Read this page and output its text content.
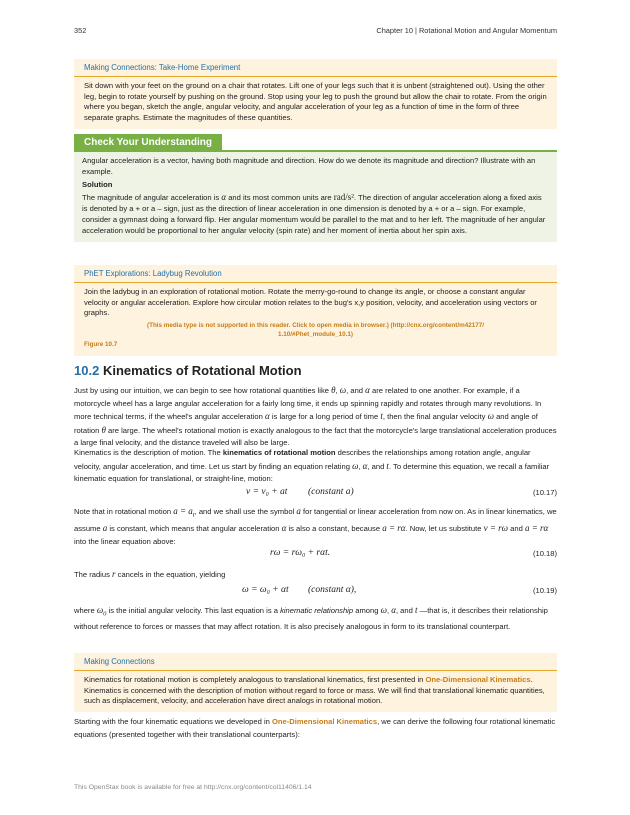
352	Chapter 10 | Rotational Motion and Angular Momentum
Making Connections: Take-Home Experiment

Sit down with your feet on the ground on a chair that rotates. Lift one of your legs such that it is unbent (straightened out). Using the other leg, begin to rotate yourself by pushing on the ground. Stop using your leg to push the ground but allow the chair to rotate. From the origin where you began, sketch the angle, angular velocity, and angular acceleration of your leg as a function of time in the form of three separate graphs. Estimate the magnitudes of these quantities.

Check Your Understanding

Angular acceleration is a vector, having both magnitude and direction. How do we denote its magnitude and direction? Illustrate with an example.

Solution

The magnitude of angular acceleration is α and its most common units are rad/s². The direction of angular acceleration along a fixed axis is denoted by a + or a – sign, just as the direction of linear acceleration in one dimension is denoted by a + or a – sign. For example, consider a gymnast doing a forward flip. Her angular momentum would be parallel to the mat and to her left. The magnitude of her angular acceleration would be proportional to her angular velocity (spin rate) and her moment of inertia about her spin axis.

PhET Explorations: Ladybug Revolution

Join the ladybug in an exploration of rotational motion. Rotate the merry-go-round to change its angle, or choose a constant angular velocity or angular acceleration. Explore how circular motion relates to the bug's x,y position, velocity, and acceleration using vectors or graphs.

(This media type is not supported in this reader. Click to open media in browser.) (http://cnx.org/content/m42177/
1.10/#Phet_module_10.1)
Figure 10.7
10.2 Kinematics of Rotational Motion

Just by using our intuition, we can begin to see how rotational quantities like θ, ω, and α are related to one another. For example, if a motorcycle wheel has a large angular acceleration for a fairly long time, it ends up spinning rapidly and rotates through many revolutions. In more technical terms, if the wheel's angular acceleration α is large for a long period of time t, then the final angular velocity ω and angle of rotation θ are large. The wheel's rotational motion is exactly analogous to the fact that the motorcycle's large translational acceleration produces a large final velocity, and the distance traveled will also be large.

Kinematics is the description of motion. The kinematics of rotational motion describes the relationships among rotation angle, angular velocity, angular acceleration, and time. Let us start by finding an equation relating ω, α, and t. To determine this equation, we recall a familiar kinematic equation for translational, or straight-line, motion:

v = v₀ + at (constant a)	(10.17)

Note that in rotational motion $a = a_t$, and we shall use the symbol a for tangential or linear acceleration from now on. As in linear kinematics, we assume a is constant, which means that angular acceleration α is also a constant, because a = rα. Now, let us substitute v = rω and a = rα into the linear equation above:

rω = rω₀ + rαt.	(10.18)

The radius r cancels in the equation, yielding

ω = ω₀ + αt (constant α),	(10.19)

where $\omega_0$ is the initial angular velocity. This last equation is a kinematic relationship among ω, α, and t —that is, it describes their relationship without reference to forces or masses that may affect rotation. It is also precisely analogous in form to its translational counterpart.

Making Connections

Kinematics for rotational motion is completely analogous to translational kinematics, first presented in One-Dimensional Kinematics. Kinematics is concerned with the description of motion without regard to force or mass. We will find that translational kinematic quantities, such as displacement, velocity, and acceleration have direct analogs in rotational motion.

Starting with the four kinematic equations we developed in One-Dimensional Kinematics, we can derive the following four rotational kinematic equations (presented together with their translational counterparts):

This OpenStax book is available for free at http://cnx.org/content/col11406/1.14
